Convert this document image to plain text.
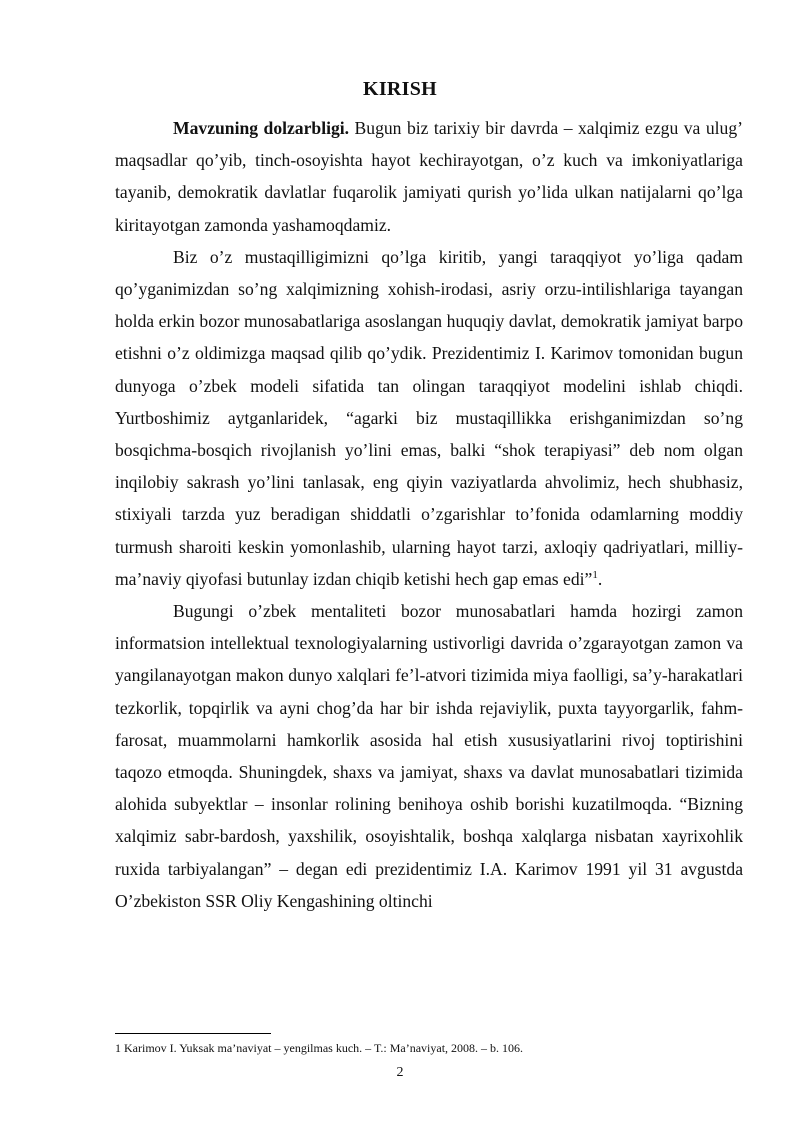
KIRISH

Mavzuning dolzarbligi. Bugun biz tarixiy bir davrda – xalqimiz ezgu va ulug’ maqsadlar qo’yib, tinch-osoyishta hayot kechirayotgan, o’z kuch va imkoniyatlariga tayanib, demokratik davlatlar fuqarolik jamiyati qurish yo’lida ulkan natijalarni qo’lga kiritayotgan zamonda yashamoqdamiz.

Biz o’z mustaqilligimizni qo’lga kiritib, yangi taraqqiyot yo’liga qadam qo’yganimizdan so’ng xalqimizning xohish-irodasi, asriy orzu-intilishlariga tayangan holda erkin bozor munosabatlariga asoslangan huquqiy davlat, demokratik jamiyat barpo etishni o’z oldimizga maqsad qilib qo’ydik. Prezidentimiz I. Karimov tomonidan bugun dunyoga o’zbek modeli sifatida tan olingan taraqqiyot modelini ishlab chiqdi. Yurtboshimiz aytganlaridek, “agarki biz mustaqillikka erishganimizdan so’ng bosqichma-bosqich rivojlanish yo’lini emas, balki “shok terapiyasi” deb nom olgan inqilobiy sakrash yo’lini tanlasak, eng qiyin vaziyatlarda ahvolimiz, hech shubhasiz, stixiyali tarzda yuz beradigan shiddatli o’zgarishlar to’fonida odamlarning moddiy turmush sharoiti keskin yomonlashib, ularning hayot tarzi, axloqiy qadriyatlari, milliy-ma’naviy qiyofasi butunlay izdan chiqib ketishi hech gap emas edi”$^1$.

Bugungi o’zbek mentaliteti bozor munosabatlari hamda hozirgi zamon informatsion intellektual texnologiyalarning ustivorligi davrida o’zgarayotgan zamon va yangilanayotgan makon dunyo xalqlari fe’l-atvori tizimida miya faolligi, sa’y-harakatlari tezkorlik, topqirlik va ayni chog’da har bir ishda rejaviylik, puxta tayyorgarlik, fahm-farosat, muammolarni hamkorlik asosida hal etish xususiyatlarini rivoj toptirishini taqozo etmoqda. Shuningdek, shaxs va jamiyat, shaxs va davlat munosabatlari tizimida alohida subyektlar – insonlar rolining benihoya oshib borishi kuzatilmoqda. “Bizning xalqimiz sabr-bardosh, yaxshilik, osoyishtalik, boshqa xalqlarga nisbatan xayrixohlik ruxida tarbiyalangan” – degan edi prezidentimiz I.A. Karimov 1991 yil 31 avgustda O’zbekiston SSR Oliy Kengashining oltinchi

1 Karimov I. Yuksak ma’naviyat – yengilmas kuch. – T.: Ma’naviyat, 2008. – b. 106.
2
